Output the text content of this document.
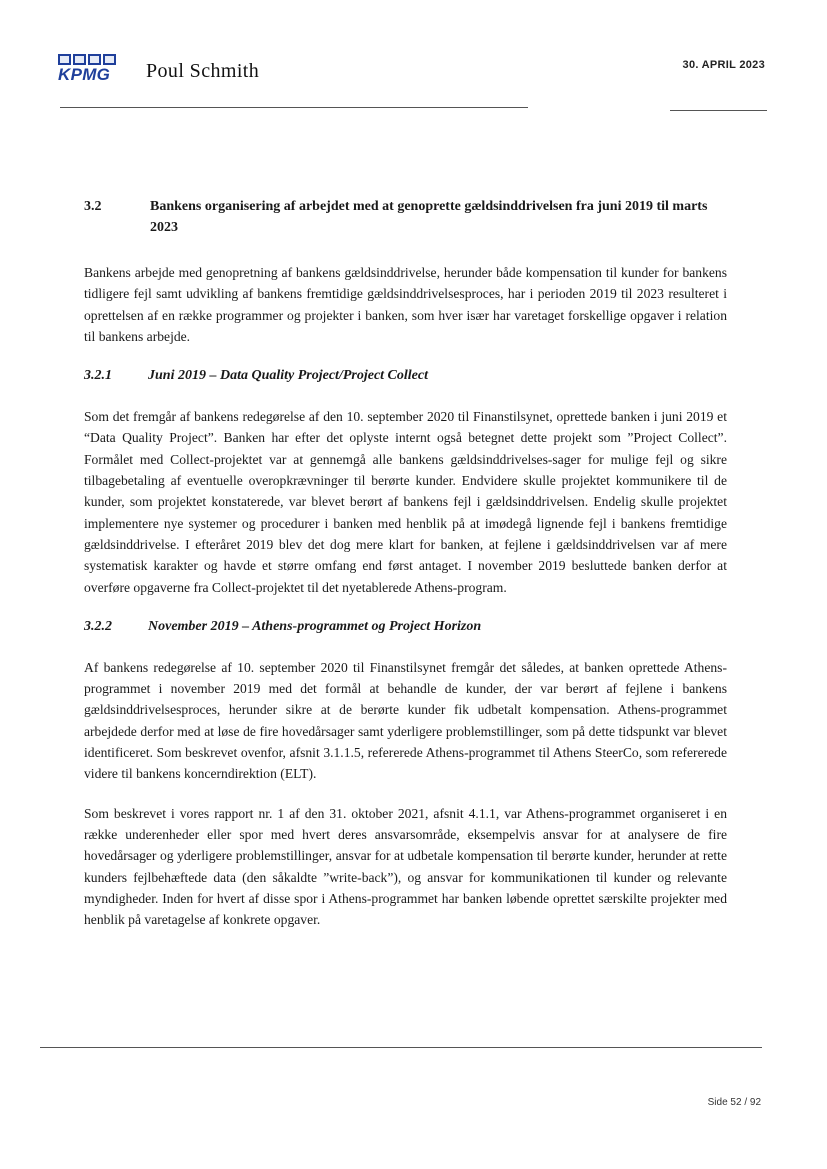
KPMG	Poul Schmith	30. APRIL 2023
3.2	Bankens organisering af arbejdet med at genoprette gældsinddrivelsen fra juni 2019 til marts 2023

Bankens arbejde med genopretning af bankens gældsinddrivelse, herunder både kompensation til kunder for bankens tidligere fejl samt udvikling af bankens fremtidige gældsinddrivelsesproces, har i perioden 2019 til 2023 resulteret i oprettelsen af en række programmer og projekter i banken, som hver især har varetaget forskellige opgaver i relation til bankens arbejde.

3.2.1	Juni 2019 – Data Quality Project/Project Collect

Som det fremgår af bankens redegørelse af den 10. september 2020 til Finanstilsynet, oprettede banken i juni 2019 et “Data Quality Project”. Banken har efter det oplyste internt også betegnet dette projekt som ”Project Collect”. Formålet med Collect-projektet var at gennemgå alle bankens gældsinddrivelses-sager for mulige fejl og sikre tilbagebetaling af eventuelle overopkrævninger til berørte kunder. Endvidere skulle projektet kommunikere til de kunder, som projektet konstaterede, var blevet berørt af bankens fejl i gældsinddrivelsen. Endelig skulle projektet implementere nye systemer og procedurer i banken med henblik på at imødegå lignende fejl i bankens fremtidige gældsinddrivelse. I efteråret 2019 blev det dog mere klart for banken, at fejlene i gældsinddrivelsen var af mere systematisk karakter og havde et større omfang end først antaget. I november 2019 besluttede banken derfor at overføre opgaverne fra Collect-projektet til det nyetablerede Athens-program.

3.2.2	November 2019 – Athens-programmet og Project Horizon

Af bankens redegørelse af 10. september 2020 til Finanstilsynet fremgår det således, at banken oprettede Athens-programmet i november 2019 med det formål at behandle de kunder, der var berørt af fejlene i bankens gældsinddrivelsesproces, herunder sikre at de berørte kunder fik udbetalt kompensation. Athens-programmet arbejdede derfor med at løse de fire hovedårsager samt yderligere problemstillinger, som på dette tidspunkt var blevet identificeret. Som beskrevet ovenfor, afsnit 3.1.1.5, refererede Athens-programmet til Athens SteerCo, som refererede videre til bankens koncerndirektion (ELT).

Som beskrevet i vores rapport nr. 1 af den 31. oktober 2021, afsnit 4.1.1, var Athens-programmet organiseret i en række underenheder eller spor med hvert deres ansvarsområde, eksempelvis ansvar for at analysere de fire hovedårsager og yderligere problemstillinger, ansvar for at udbetale kompensation til berørte kunder, herunder at rette kunders fejlbehæftede data (den såkaldte ”write-back”), og ansvar for kommunikationen til kunder og relevante myndigheder. Inden for hvert af disse spor i Athens-programmet har banken løbende oprettet særskilte projekter med henblik på varetagelse af konkrete opgaver.

Side 52 / 92
